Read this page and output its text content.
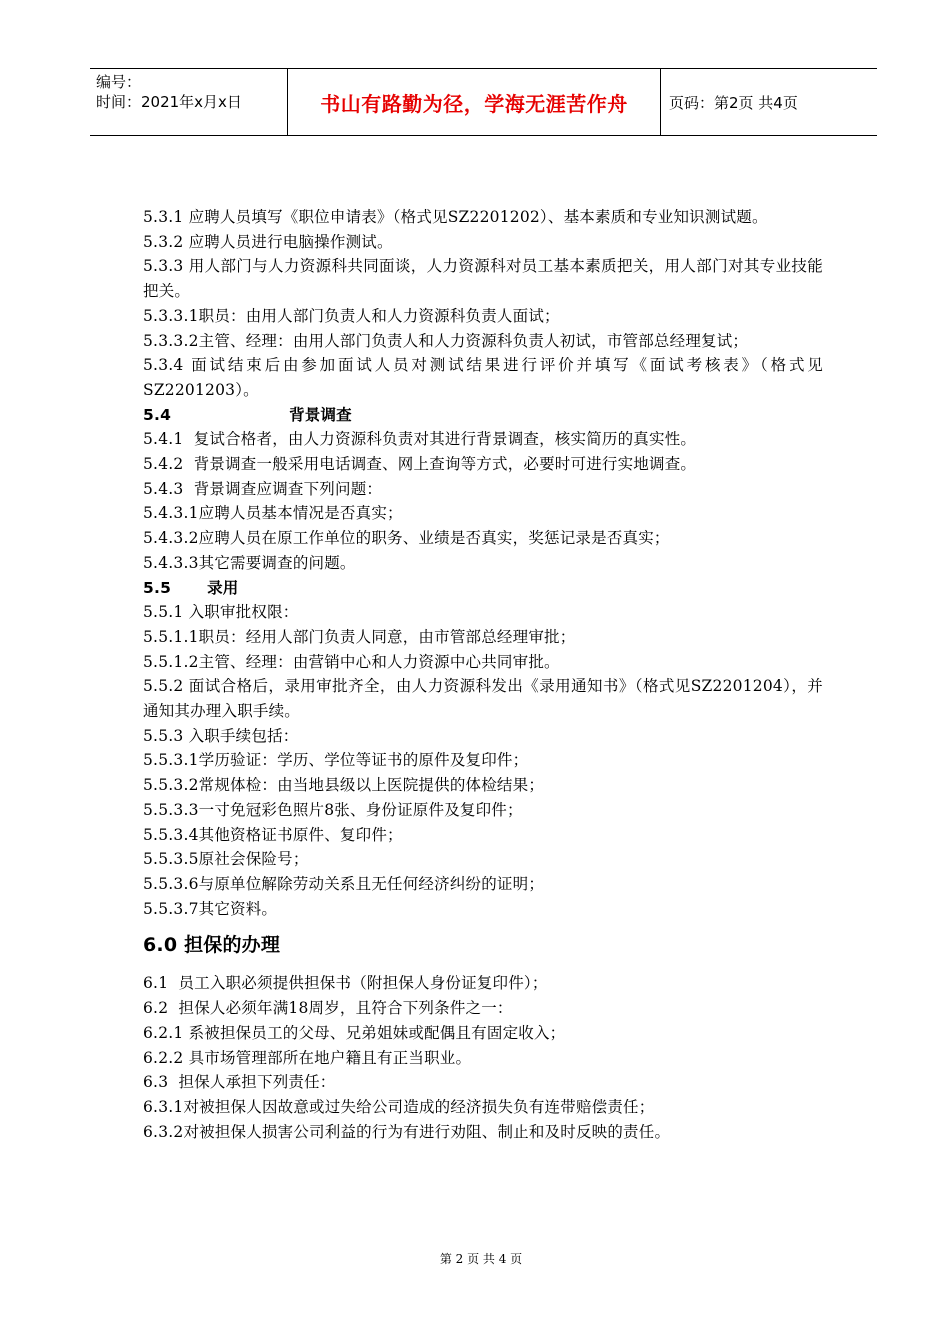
编号：
时间：2021年x月x日	书山有路勤为径，学海无涯苦作舟	页码：第2页 共4页

5.3.1 应聘人员填写《职位申请表》（格式见SZ2201202）、基本素质和专业知识测试题。

5.3.2 应聘人员进行电脑操作测试。

5.3.3 用人部门与人力资源科共同面谈，人力资源科对员工基本素质把关，用人部门对其专业技能把关。

5.3.3.1职员：由用人部门负责人和人力资源科负责人面试；

5.3.3.2主管、经理：由用人部门负责人和人力资源科负责人初试，市管部总经理复试；

5.3.4 面试结束后由参加面试人员对测试结果进行评价并填写《面试考核表》（格式见SZ2201203）。

5.4	背景调查

5.4.1  复试合格者，由人力资源科负责对其进行背景调查，核实简历的真实性。

5.4.2  背景调查一般采用电话调查、网上查询等方式，必要时可进行实地调查。

5.4.3  背景调查应调查下列问题：

5.4.3.1应聘人员基本情况是否真实；

5.4.3.2应聘人员在原工作单位的职务、业绩是否真实，奖惩记录是否真实；

5.4.3.3其它需要调查的问题。

5.5 录用

5.5.1 入职审批权限：

5.5.1.1职员：经用人部门负责人同意，由市管部总经理审批；

5.5.1.2主管、经理：由营销中心和人力资源中心共同审批。

5.5.2 面试合格后，录用审批齐全，由人力资源科发出《录用通知书》（格式见SZ2201204），并通知其办理入职手续。

5.5.3 入职手续包括：

5.5.3.1学历验证：学历、学位等证书的原件及复印件；

5.5.3.2常规体检：由当地县级以上医院提供的体检结果；

5.5.3.3一寸免冠彩色照片8张、身份证原件及复印件；

5.5.3.4其他资格证书原件、复印件；

5.5.3.5原社会保险号；

5.5.3.6与原单位解除劳动关系且无任何经济纠纷的证明；

5.5.3.7其它资料。

6.0 担保的办理

6.1  员工入职必须提供担保书（附担保人身份证复印件）；

6.2  担保人必须年满18周岁，且符合下列条件之一：

6.2.1 系被担保员工的父母、兄弟姐妹或配偶且有固定收入；

6.2.2 具市场管理部所在地户籍且有正当职业。

6.3  担保人承担下列责任：

6.3.1对被担保人因故意或过失给公司造成的经济损失负有连带赔偿责任；

6.3.2对被担保人损害公司利益的行为有进行劝阻、制止和及时反映的责任。

第 2 页 共 4 页
